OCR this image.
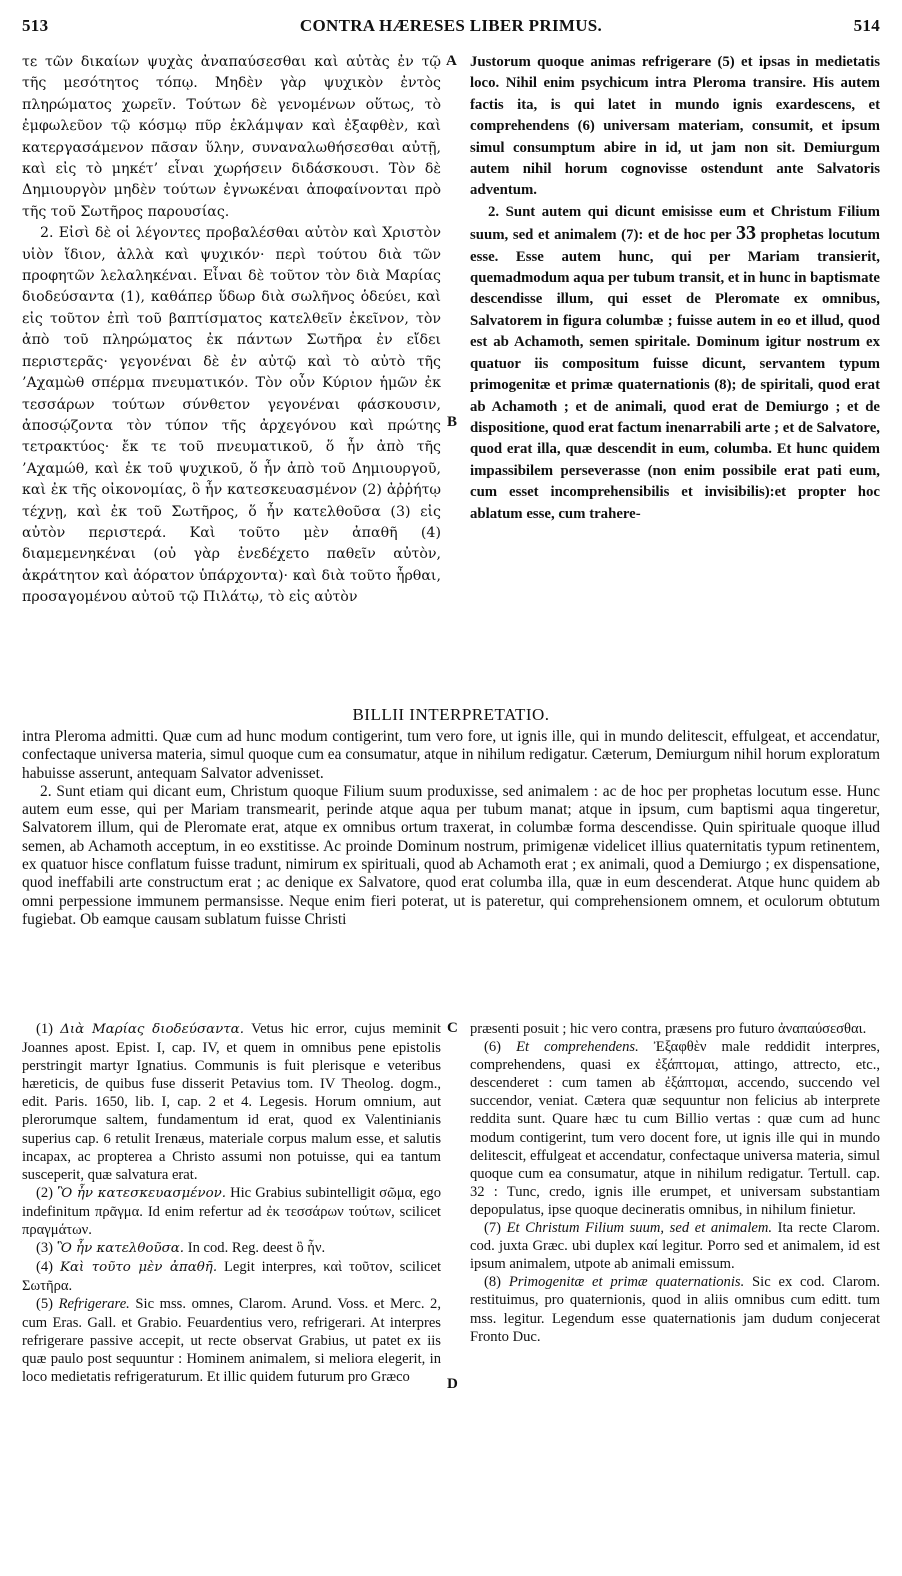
513	CONTRA HÆRESES LIBER PRIMUS.	514

τε τῶν δικαίων ψυχὰς ἀναπαύσεσθαι καὶ αὐτὰς ἐν τῷ τῆς μεσότητος τόπῳ. Μηδὲν γὰρ ψυχικὸν ἐντὸς πληρώματος χωρεῖν. Τούτων δὲ γενομένων οὕτως, τὸ ἐμφωλεῦον τῷ κόσμῳ πῦρ ἐκλάμψαν καὶ ἐξαφθὲν, καὶ κατεργασάμενον πᾶσαν ὕλην, συναναλωθήσεσθαι αὐτῇ, καὶ εἰς τὸ μηκέτ’ εἶναι χωρήσειν διδάσκουσι. Τὸν δὲ Δημιουργὸν μηδὲν τούτων ἐγνωκέναι ἀποφαίνονται πρὸ τῆς τοῦ Σωτῆρος παρουσίας.

2. Εἰσὶ δὲ οἱ λέγοντες προβαλέσθαι αὐτὸν καὶ Χριστὸν υἱὸν ἴδιον, ἀλλὰ καὶ ψυχικόν· περὶ τούτου διὰ τῶν προφητῶν λελαληκέναι. Εἶναι δὲ τοῦτον τὸν διὰ Μαρίας διοδεύσαντα (1), καθάπερ ὕδωρ διὰ σωλῆνος ὁδεύει, καὶ εἰς τοῦτον ἐπὶ τοῦ βαπτίσματος κατελθεῖν ἐκεῖνον, τὸν ἀπὸ τοῦ πληρώματος ἐκ πάντων Σωτῆρα ἐν εἴδει περιστερᾶς· γεγονέναι δὲ ἐν αὐτῷ καὶ τὸ αὐτὸ τῆς ’Αχαμὼθ σπέρμα πνευματικόν. Τὸν οὖν Κύριον ἡμῶν ἐκ τεσσάρων τούτων σύνθετον γεγονέναι φάσκουσιν, ἀποσῴζοντα τὸν τύπον τῆς ἀρχεγόνου καὶ πρώτης τετρακτύος· ἔκ τε τοῦ πνευματικοῦ, ὅ ἦν ἀπὸ τῆς ’Αχαμώθ, καὶ ἐκ τοῦ ψυχικοῦ, ὅ ἦν ἀπὸ τοῦ Δημιουργοῦ, καὶ ἐκ τῆς οἰκονομίας, ὃ ἦν κατεσκευασμένον (2) ἀῤῥήτῳ τέχνῃ, καὶ ἐκ τοῦ Σωτῆρος, ὅ ἦν κατελθοῦσα (3) εἰς αὐτὸν περιστερά. Καὶ τοῦτο μὲν ἀπαθῆ (4) διαμεμενηκέναι (οὐ γὰρ ἐνεδέχετο παθεῖν αὐτὸν, ἀκράτητον καὶ ἀόρατον ὑπάρχοντα)· καὶ διὰ τοῦτο ἦρθαι, προσαγομένου αὐτοῦ τῷ Πιλάτῳ, τὸ εἰς αὐτὸν

A
B

Justorum quoque animas refrigerare (5) et ipsas in medietatis loco. Nihil enim psychicum intra Pleroma transire. His autem factis ita, is qui latet in mundo ignis exardescens, et comprehendens (6) universam materiam, consumit, et ipsum simul consumptum abire in id, ut jam non sit. Demiurgum autem nihil horum cognovisse ostendunt ante Salvatoris adventum.

2. Sunt autem qui dicunt emisisse eum et Christum Filium suum, sed et animalem (7): et de hoc per 33 prophetas locutum esse. Esse autem hunc, qui per Mariam transierit, quemadmodum aqua per tubum transit, et in hunc in baptismate descendisse illum, qui esset de Pleromate ex omnibus, Salvatorem in figura columbæ ; fuisse autem in eo et illud, quod est ab Achamoth, semen spiritale. Dominum igitur nostrum ex quatuor iis compositum fuisse dicunt, servantem typum primogenitæ et primæ quaternationis (8); de spiritali, quod erat ab Achamoth ; et de animali, quod erat de Demiurgo ; et de dispositione, quod erat factum inenarrabili arte ; et de Salvatore, quod erat illa, quæ descendit in eum, columba. Et hunc quidem impassibilem perseverasse (non enim possibile erat pati eum, cum esset incomprehensibilis et invisibilis):et propter hoc ablatum esse, cum trahere-

BILLII INTERPRETATIO.

intra Pleroma admitti. Quæ cum ad hunc modum contigerint, tum vero fore, ut ignis ille, qui in mundo delitescit, effulgeat, et accendatur, confectaque universa materia, simul quoque cum ea consumatur, atque in nihilum redigatur. Cæterum, Demiurgum nihil horum exploratum habuisse asserunt, antequam Salvator advenisset.

2. Sunt etiam qui dicant eum, Christum quoque Filium suum produxisse, sed animalem : ac de hoc per prophetas locutum esse. Hunc autem eum esse, qui per Mariam transmearit, perinde atque aqua per tubum manat; atque in ipsum, cum baptismi aqua tingeretur, Salvatorem illum, qui de Pleromate erat, atque ex omnibus ortum traxerat, in columbæ forma descendisse. Quin spirituale quoque illud semen, ab Achamoth acceptum, in eo exstitisse. Ac proinde Dominum nostrum, primigenæ videlicet illius quaternitatis typum retinentem, ex quatuor hisce conflatum fuisse tradunt, nimirum ex spirituali, quod ab Achamoth erat ; ex animali, quod a Demiurgo ; ex dispensatione, quod ineffabili arte constructum erat ; ac denique ex Salvatore, quod erat columba illa, quæ in eum descenderat. Atque hunc quidem ab omni perpessione immunem permansisse. Neque enim fieri poterat, ut is pateretur, qui comprehensionem omnem, et oculorum obtutum fugiebat. Ob eamque causam sublatum fuisse Christi

C
D

(1) Διὰ Μαρίας διοδεύσαντα. Vetus hic error, cujus meminit Joannes apost. Epist. I, cap. IV, et quem in omnibus pene epistolis perstringit martyr Ignatius. Communis is fuit plerisque e veteribus hæreticis, de quibus fuse disserit Petavius tom. IV Theolog. dogm., edit. Paris. 1650, lib. I, cap. 2 et 4. Legesis. Horum omnium, aut plerorumque saltem, fundamentum id erat, quod ex Valentinianis superius cap. 6 retulit Irenæus, materiale corpus malum esse, et salutis incapax, ac propterea a Christo assumi non potuisse, qui ea tantum susceperit, quæ salvatura erat.

(2) Ὃ ἦν κατεσκευασμένον. Hic Grabius subintelligit σῶμα, ego indefinitum πρᾶγμα. Id enim refertur ad ἐκ τεσσάρων τούτων, scilicet πραγμάτων.

(3) Ὃ ἦν κατελθοῦσα. In cod. Reg. deest ὃ ἦν.

(4) Καὶ τοῦτο μὲν ἀπαθῆ. Legit interpres, καὶ τοῦτον, scilicet Σωτῆρα.

(5) Refrigerare. Sic mss. omnes, Clarom. Arund. Voss. et Merc. 2, cum Eras. Gall. et Grabio. Feuardentius vero, refrigerari. At interpres refrigerare passive accepit, ut recte observat Grabius, ut patet ex iis quæ paulo post sequuntur : Hominem animalem, si meliora elegerit, in loco medietatis refrigeraturum. Et illic quidem futurum pro Græco

præsenti posuit ; hic vero contra, præsens pro futuro ἀναπαύσεσθαι.

(6) Et comprehendens. Ἐξαφθὲν male reddidit interpres, comprehendens, quasi ex ἐξάπτομαι, attingo, attrecto, etc., descenderet : cum tamen ab ἐξάπτομαι, accendo, succendo vel succendor, veniat. Cætera quæ sequuntur non felicius ab interprete reddita sunt. Quare hæc tu cum Billio vertas : quæ cum ad hunc modum contigerint, tum vero docent fore, ut ignis ille qui in mundo delitescit, effulgeat et accendatur, confectaque universa materia, simul quoque cum ea consumatur, atque in nihilum redigatur. Tertull. cap. 32 : Tunc, credo, ignis ille erumpet, et universam substantiam depopulatus, ipse quoque decineratis omnibus, in nihilum finietur.

(7) Et Christum Filium suum, sed et animalem. Ita recte Clarom. cod. juxta Græc. ubi duplex καί legitur. Porro sed et animalem, id est ipsum animalem, utpote ab animali emissum.

(8) Primogenitæ et primæ quaternationis. Sic ex cod. Clarom. restituimus, pro quaternionis, quod in aliis omnibus cum editt. tum mss. legitur. Legendum esse quaternationis jam dudum conjecerat Fronto Duc.
